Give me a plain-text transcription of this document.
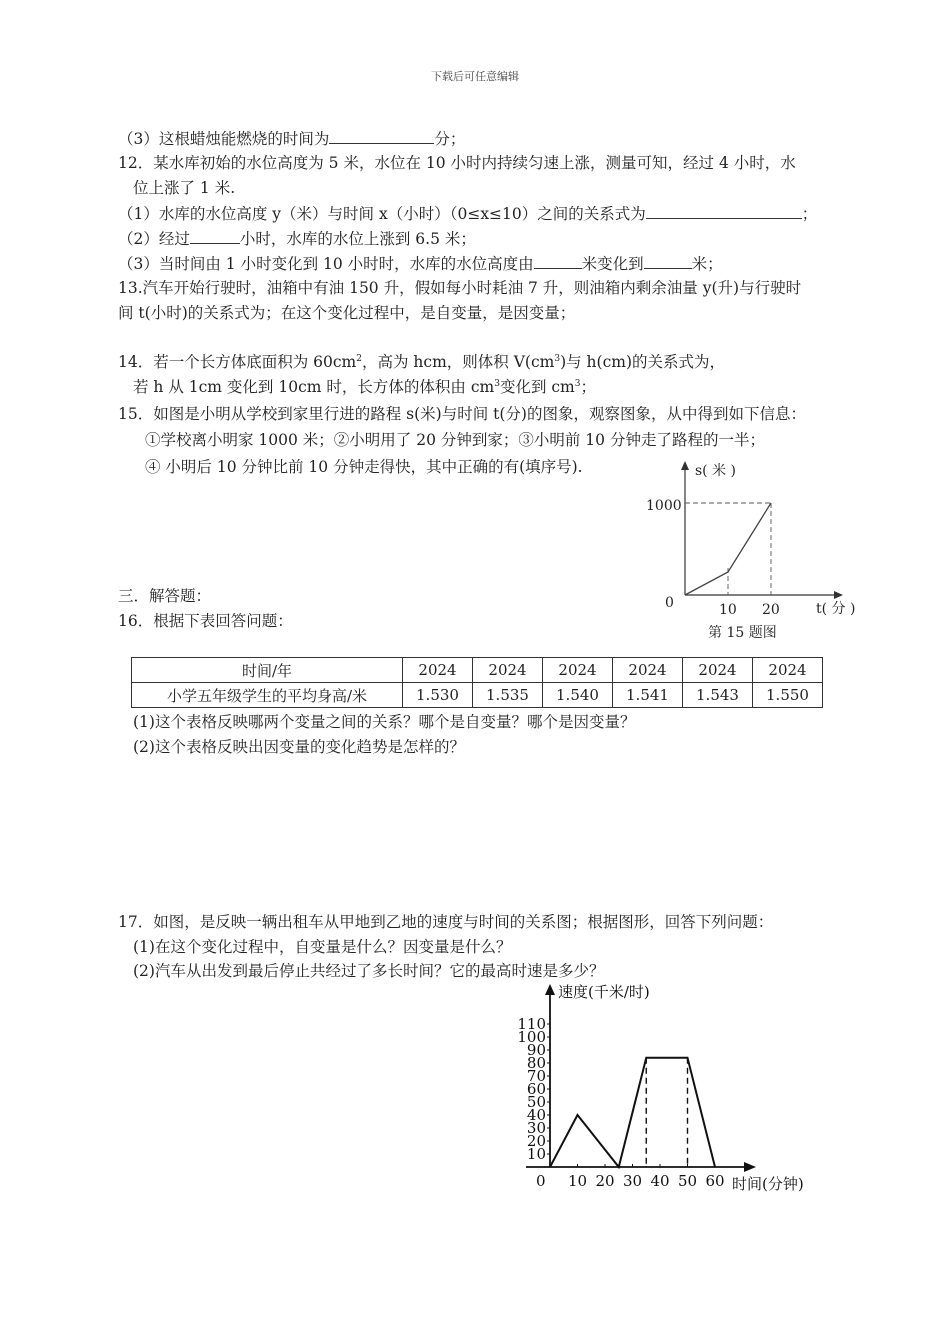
下载后可任意编辑
（3）这根蜡烛能燃烧的时间为	分；
12．某水库初始的水位高度为 5 米，水位在 10 小时内持续匀速上涨，测量可知，经过 4 小时，水
位上涨了 1 米.
（1）水库的水位高度 y（米）与时间 x（小时）（0≤x≤10）之间的关系式为	；
（2）经过	小时，水库的水位上涨到 6.5 米；
（3）当时间由 1 小时变化到 10 小时时，水库的水位高度由	米变化到	米；
13.汽车开始行驶时，油箱中有油 150 升，假如每小时耗油 7 升，则油箱内剩余油量 y(升)与行驶时
间 t(小时)的关系式为；在这个变化过程中，是自变量，是因变量；
14．若一个长方体底面积为 $60cm^2$，高为 hcm，则体积 $V(cm^3)$与 h(cm)的关系式为，
若 h 从 1cm 变化到 10cm 时，长方体的体积由 $cm^3$变化到 $cm^3$；
15．如图是小明从学校到家里行进的路程 s(米)与时间 t(分)的图象，观察图象，从中得到如下信息：
①学校离小明家 1000 米；②小明用了 20 分钟到家；③小明前 10 分钟走了路程的一半；
④ 小明后 10 分钟比前 10 分钟走得快，其中正确的有(填序号).	s( 米 )
t( 分 )
0
1000
10 20
第 15 题图
三．解答题：
16．根据下表回答问题：
时间/年	2024	2024	2024	2024	2024	2024
小学五年级学生的平均身高/米	1.530	1.535	1.540	1.541	1.543	1.550
(1)这个表格反映哪两个变量之间的关系？哪个是自变量？哪个是因变量？
(2)这个表格反映出因变量的变化趋势是怎样的？
17．如图，是反映一辆出租车从甲地到乙地的速度与时间的关系图；根据图形，回答下列问题：
(1)在这个变化过程中，自变量是什么？因变量是什么？
(2)汽车从出发到最后停止共经过了多长时间？它的最高时速是多少？
速度(千米/时)
时间(分钟)
0
10
20
30
40
50
60
70
80
90
100
110
10 20 30 40 50 60
